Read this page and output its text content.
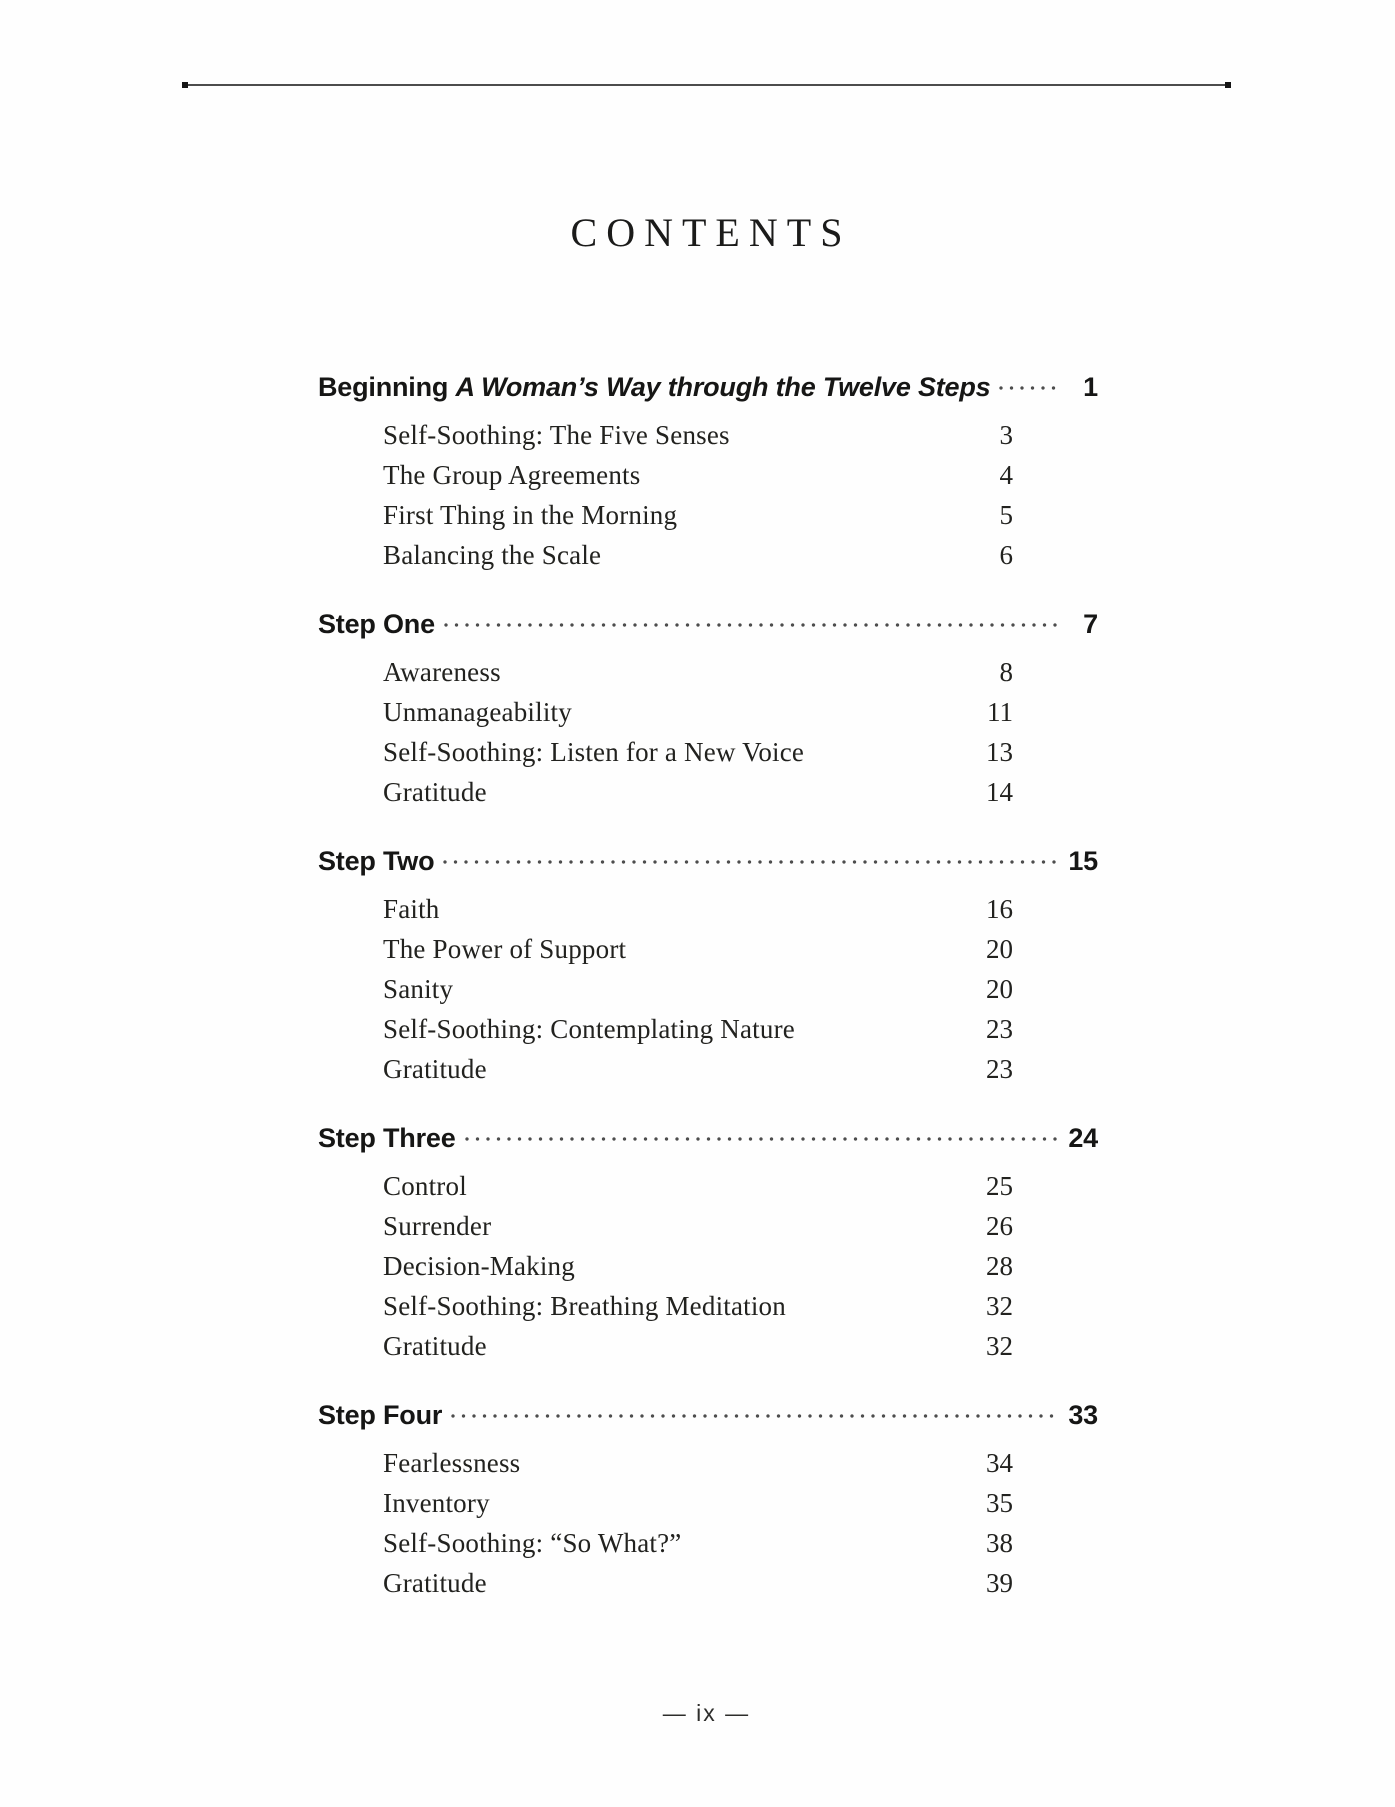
CONTENTS
Beginning A Woman’s Way through the Twelve Steps	1
Self-Soothing: The Five Senses	3
The Group Agreements	4
First Thing in the Morning	5
Balancing the Scale	6
Step One	7
Awareness	8
Unmanageability	11
Self-Soothing: Listen for a New Voice	13
Gratitude	14
Step Two	15
Faith	16
The Power of Support	20
Sanity	20
Self-Soothing: Contemplating Nature	23
Gratitude	23
Step Three	24
Control	25
Surrender	26
Decision-Making	28
Self-Soothing: Breathing Meditation	32
Gratitude	32
Step Four	33
Fearlessness	34
Inventory	35
Self-Soothing: “So What?”	38
Gratitude	39
— ix —
